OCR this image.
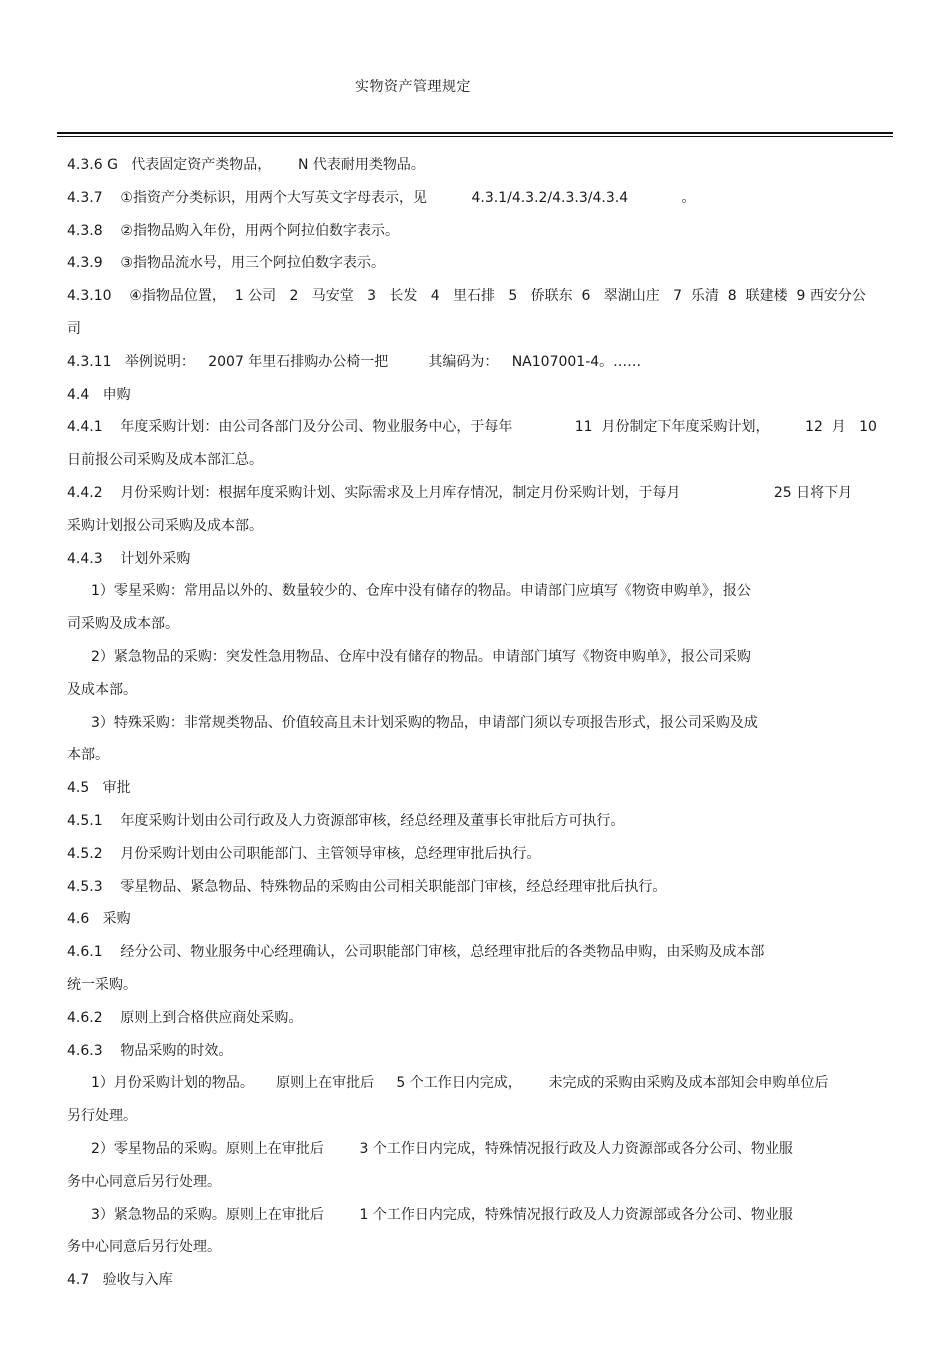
实物资产管理规定
4.3.6 G   代表固定资产类物品，      N 代表耐用类物品。
4.3.7    ①指资产分类标识，用两个大写英文字母表示，见          4.3.1/4.3.2/4.3.3/4.3.4            。
4.3.8    ②指物品购入年份，用两个阿拉伯数字表示。
4.3.9    ③指物品流水号，用三个阿拉伯数字表示。
4.3.10    ④指物品位置，  1 公司   2   马安堂   3   长发   4   里石排   5   侨联东  6   翠湖山庄   7  乐清  8  联建楼  9 西安分公
司
4.3.11   举例说明：   2007 年里石排购办公椅一把         其编码为：   NA107001-4。……
4.4   申购
4.4.1    年度采购计划：由公司各部门及分公司、物业服务中心，于每年              11  月份制定下年度采购计划，        12  月   10
日前报公司采购及成本部汇总。
4.4.2    月份采购计划：根据年度采购计划、实际需求及上月库存情况，制定月份采购计划，于每月                     25 日将下月
采购计划报公司采购及成本部。
4.4.3    计划外采购
1）零星采购：常用品以外的、数量较少的、仓库中没有储存的物品。申请部门应填写《物资申购单》，报公
司采购及成本部。
2）紧急物品的采购：突发性急用物品、仓库中没有储存的物品。申请部门填写《物资申购单》，报公司采购
及成本部。
3）特殊采购：非常规类物品、价值较高且未计划采购的物品，申请部门须以专项报告形式，报公司采购及成
本部。
4.5   审批
4.5.1    年度采购计划由公司行政及人力资源部审核，经总经理及董事长审批后方可执行。
4.5.2    月份采购计划由公司职能部门、主管领导审核，总经理审批后执行。
4.5.3    零星物品、紧急物品、特殊物品的采购由公司相关职能部门审核，经总经理审批后执行。
4.6   采购
4.6.1    经分公司、物业服务中心经理确认，公司职能部门审核，总经理审批后的各类物品申购，由采购及成本部
统一采购。
4.6.2    原则上到合格供应商处采购。
4.6.3    物品采购的时效。
1）月份采购计划的物品。     原则上在审批后     5 个工作日内完成，      未完成的采购由采购及成本部知会申购单位后
另行处理。
2）零星物品的采购。原则上在审批后        3 个工作日内完成，特殊情况报行政及人力资源部或各分公司、物业服
务中心同意后另行处理。
3）紧急物品的采购。原则上在审批后        1 个工作日内完成，特殊情况报行政及人力资源部或各分公司、物业服
务中心同意后另行处理。
4.7   验收与入库
